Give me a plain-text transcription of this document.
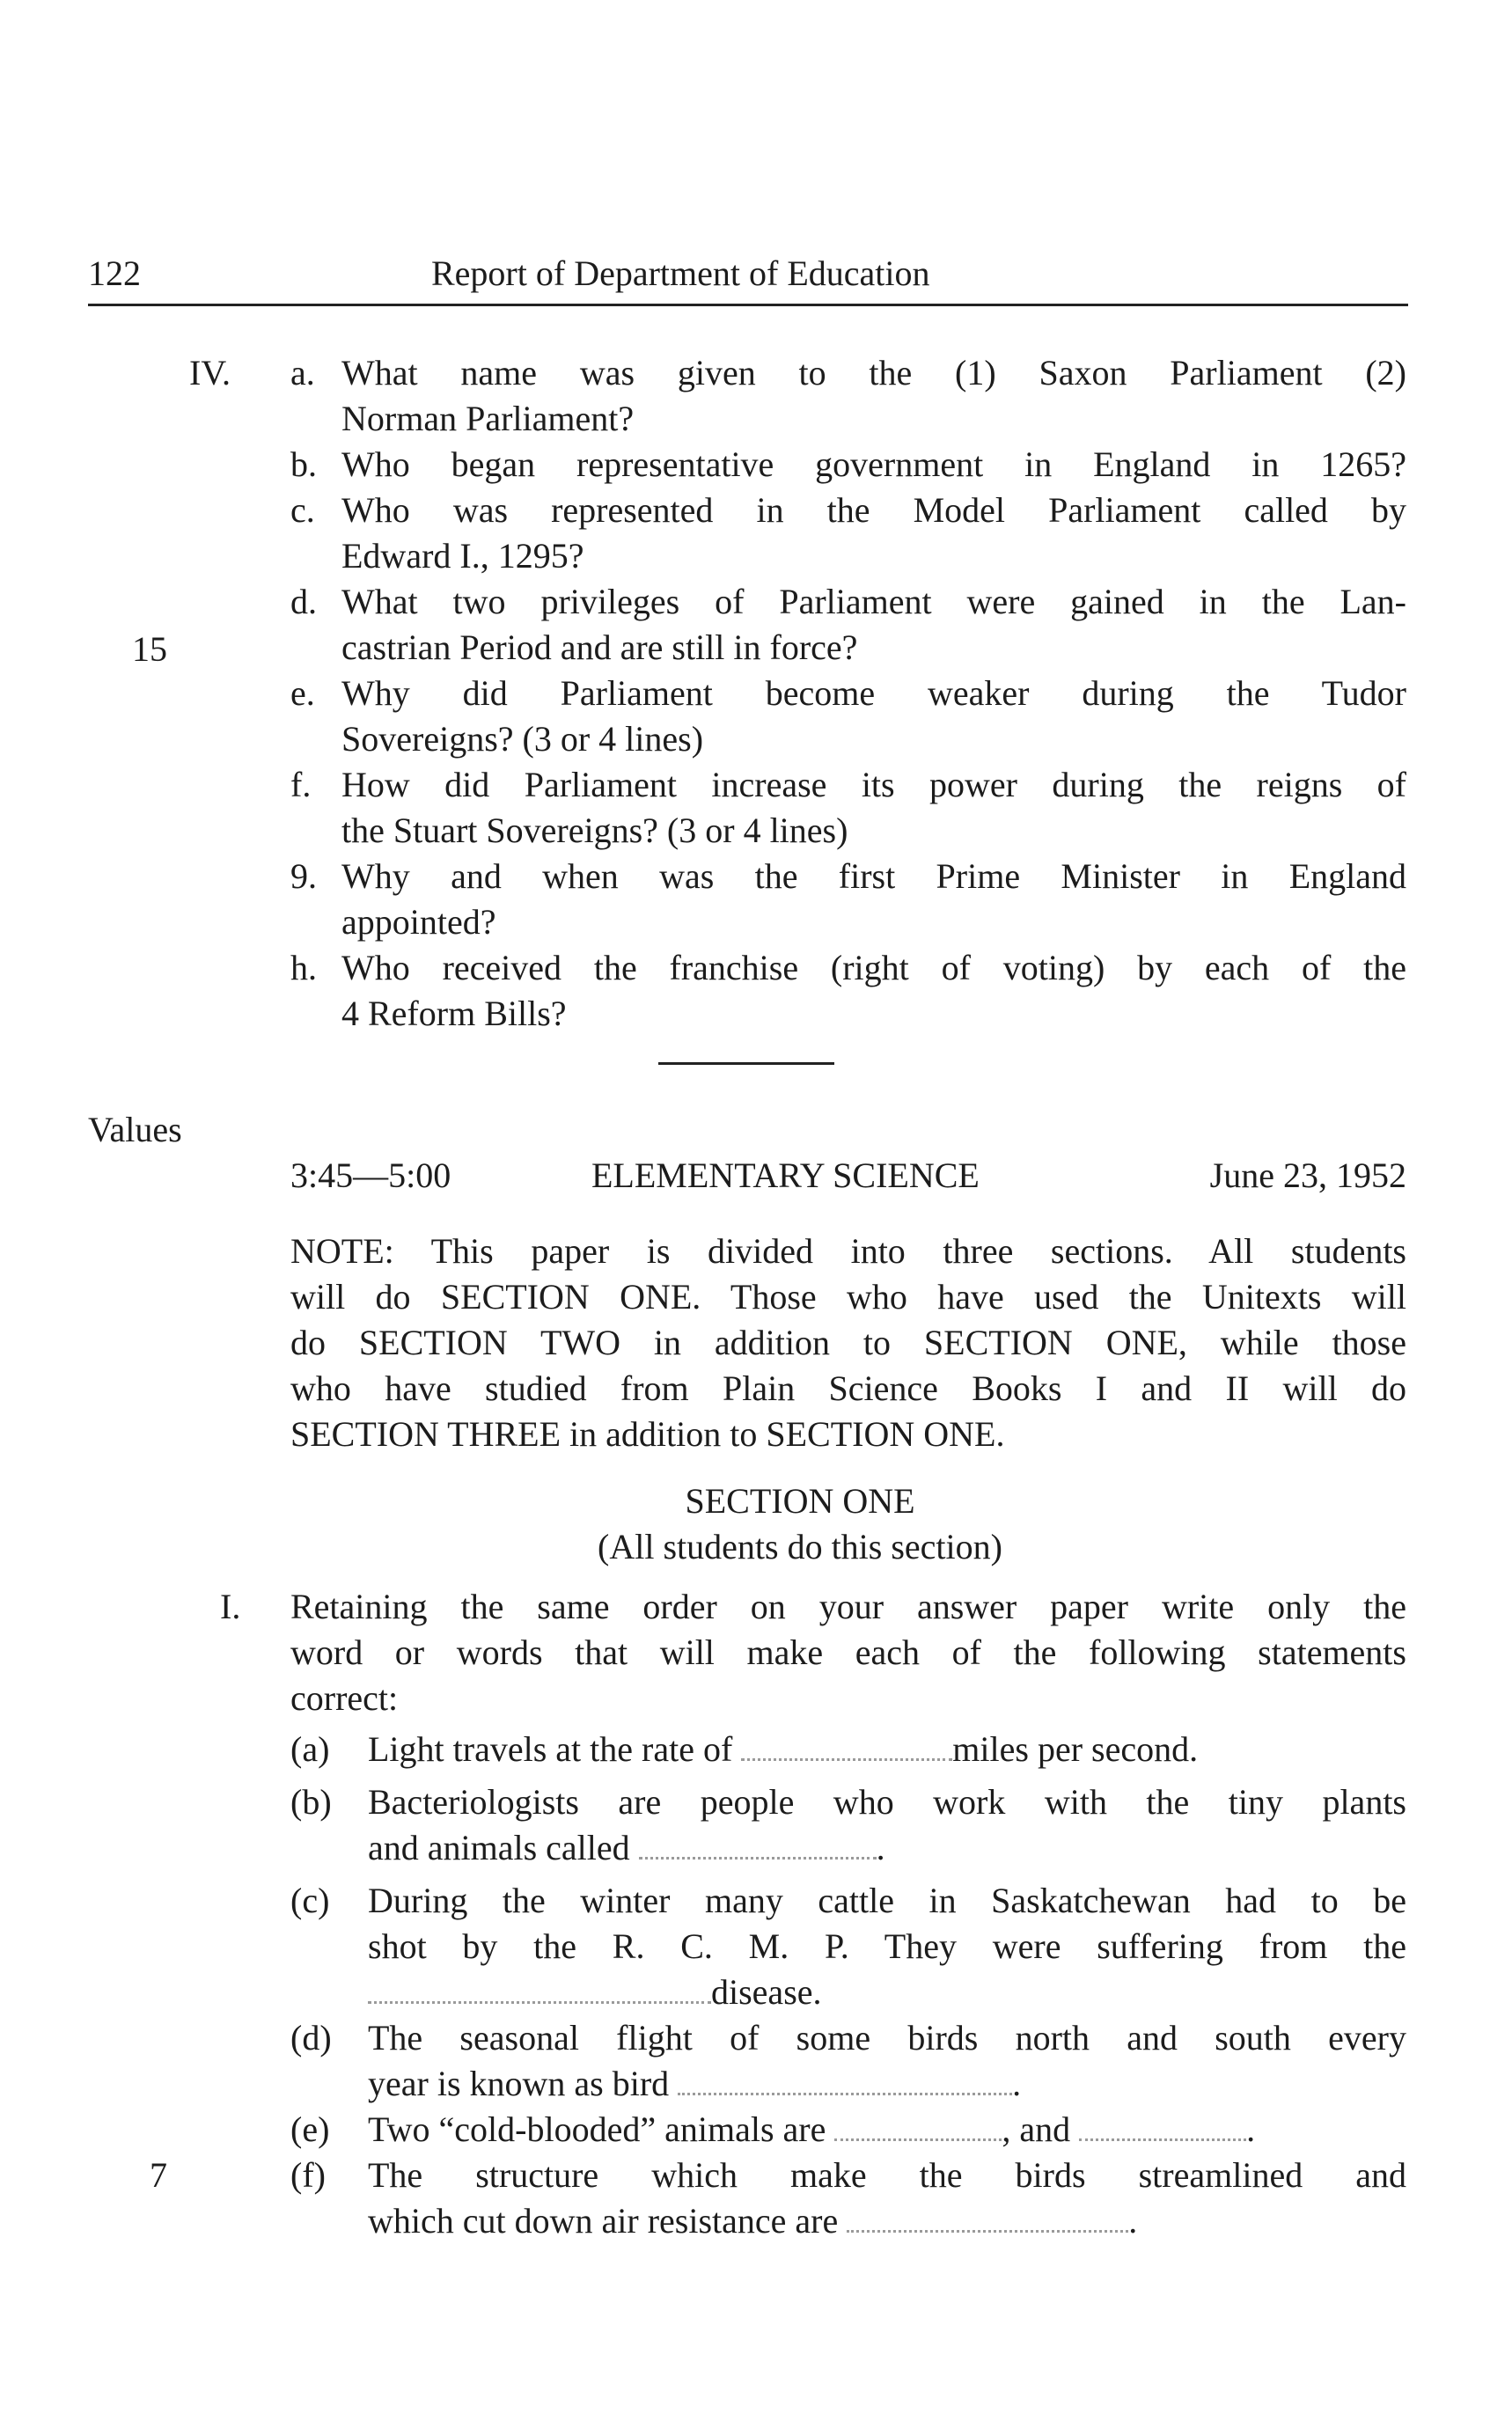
122	Report of Department of Education
IV.
15
a. What name was given to the (1) Saxon Parliament (2)
Norman Parliament?
b. Who began representative government in England in 1265?
c. Who was represented in the Model Parliament called by
Edward I., 1295?
d. What two privileges of Parliament were gained in the Lan-
castrian Period and are still in force?
e. Why did Parliament become weaker during the Tudor
Sovereigns? (3 or 4 lines)
f. How did Parliament increase its power during the reigns of
the Stuart Sovereigns? (3 or 4 lines)
9. Why and when was the first Prime Minister in England
appointed?
h. Who received the franchise (right of voting) by each of the
4 Reform Bills?
Values
3:45—5:00	ELEMENTARY SCIENCE	June 23, 1952
NOTE: This paper is divided into three sections. All students
will do SECTION ONE. Those who have used the Unitexts will
do SECTION TWO in addition to SECTION ONE, while those
who have studied from Plain Science Books I and II will do
SECTION THREE in addition to SECTION ONE.
SECTION ONE
(All students do this section)
I. Retaining the same order on your answer paper write only the
word or words that will make each of the following statements
correct:
(a) Light travels at the rate of	miles per second.
(b) Bacteriologists are people who work with the tiny plants
and animals called	.
(c) During the winter many cattle in Saskatchewan had to be
shot by the R. C. M. P. They were suffering from the
disease.
(d) The seasonal flight of some birds north and south every
year is known as bird	.
(e) Two “cold-blooded” animals are	, and	.
7	(f) The structure which make the birds streamlined and
which cut down air resistance are	.
